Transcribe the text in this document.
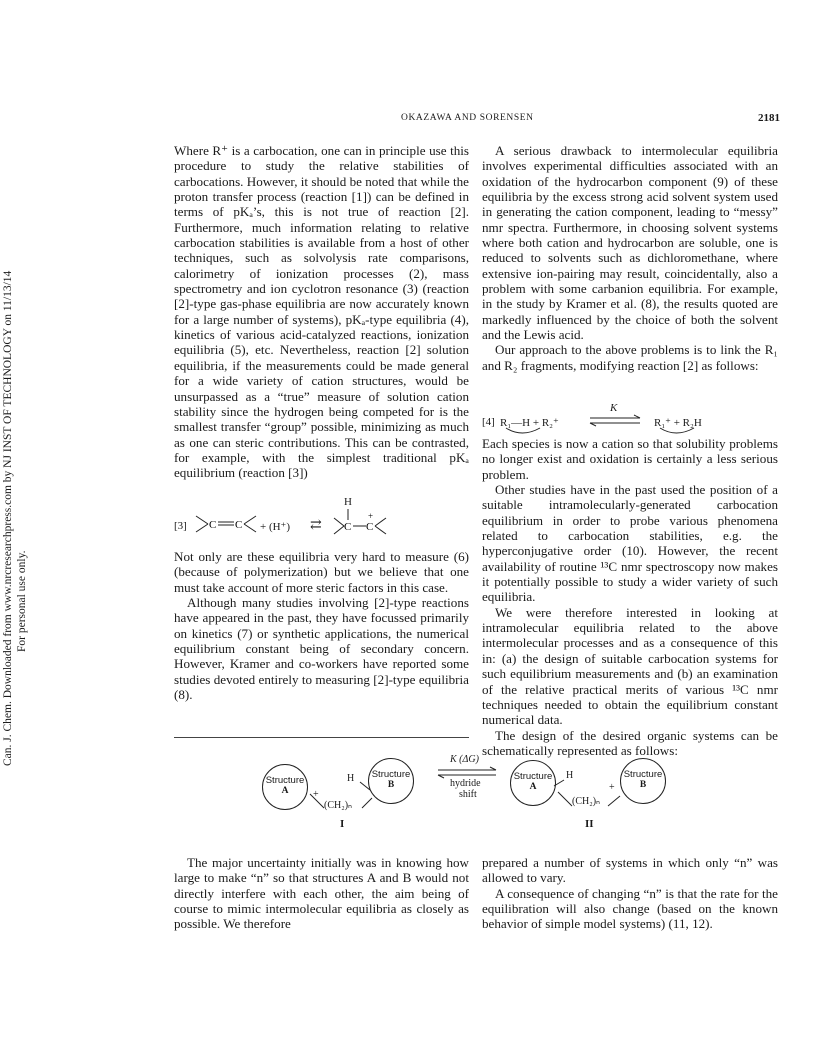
Can. J. Chem. Downloaded from www.nrcresearchpress.com by NJ INST OF TECHNOLOGY on 11/13/14 For personal use only.
OKAZAWA AND SORENSEN	2181

Where R⁺ is a carbocation, one can in principle use this procedure to study the relative stabilities of carbocations. However, it should be noted that while the proton transfer process (reaction [1]) can be defined in terms of pKₐ’s, this is not true of reaction [2]. Furthermore, much information relating to relative carbocation stabilities is available from a host of other techniques, such as solvolysis rate comparisons, calorimetry of ionization processes (2), mass spectrometry and ion cyclotron resonance (3) (reaction [2]-type gas-phase equilibria are now accurately known for a large number of systems), pKₐ-type equilibria (4), kinetics of various acid-catalyzed reactions, ionization equilibria (5), etc. Nevertheless, reaction [2] solution equilibria, if the measurements could be made general for a wide variety of cation structures, would be unsurpassed as a “true” measure of solution cation stability since the hydrogen being competed for is the smallest transfer “group” possible, minimizing as much as one can steric contributions. This can be contrasted, for example, with the simplest traditional pKₐ equilibrium (reaction [3])

[3] C C + (H⁺) ⇄
H
C C
+

Not only are these equilibria very hard to measure (6) (because of polymerization) but we believe that one must take account of more steric factors in this case.

Although many studies involving [2]-type reactions have appeared in the past, they have focussed primarily on kinetics (7) or synthetic applications, the numerical equilibrium constant being of secondary concern. However, Kramer and co-workers have reported some studies devoted entirely to measuring [2]-type equilibria (8).

A serious drawback to intermolecular equilibria involves experimental difficulties associated with an oxidation of the hydrocarbon component (9) of these equilibria by the excess strong acid solvent system used in generating the cation component, leading to “messy” nmr spectra. Furthermore, in choosing solvent systems where both cation and hydrocarbon are soluble, one is reduced to solvents such as dichloromethane, where extensive ion-pairing may result, coincidentally, also a problem with some carbanion equilibria. For example, in the study by Kramer et al. (8), the results quoted are markedly influenced by the choice of both the solvent and the Lewis acid.

Our approach to the above problems is to link the R₁ and R₂ fragments, modifying reaction [2] as follows:

[4] R₁—H + R₂⁺
K
R₁⁺ + R₂H

Each species is now a cation so that solubility problems no longer exist and oxidation is certainly a less serious problem.

Other studies have in the past used the position of a suitable intramolecularly-generated carbocation equilibrium in order to probe various phenomena related to carbocation stabilities, e.g. the hyperconjugative order (10). However, the recent availability of routine ¹³C nmr spectroscopy now makes it potentially possible to study a wider variety of such equilibria.

We were therefore interested in looking at intramolecular equilibria related to the above intermolecular processes and as a consequence of this in: (a) the design of suitable carbocation systems for such equilibrium measurements and (b) an examination of the relative practical merits of various ¹³C nmr techniques needed to obtain the equilibrium constant numerical data.

The design of the desired organic systems can be schematically represented as follows:

Structure
A	+
H Structure
B
(CH₂)ₙ
I
K (ΔG)
hydride
shift
Structure
A
H
+
Structure
B
(CH₂)ₙ
II

The major uncertainty initially was in knowing how large to make “n” so that structures A and B would not directly interfere with each other, the aim being of course to mimic intermolecular equilibria as closely as possible. We therefore

prepared a number of systems in which only “n” was allowed to vary.

A consequence of changing “n” is that the rate for the equilibration will also change (based on the known behavior of simple model systems) (11, 12).
